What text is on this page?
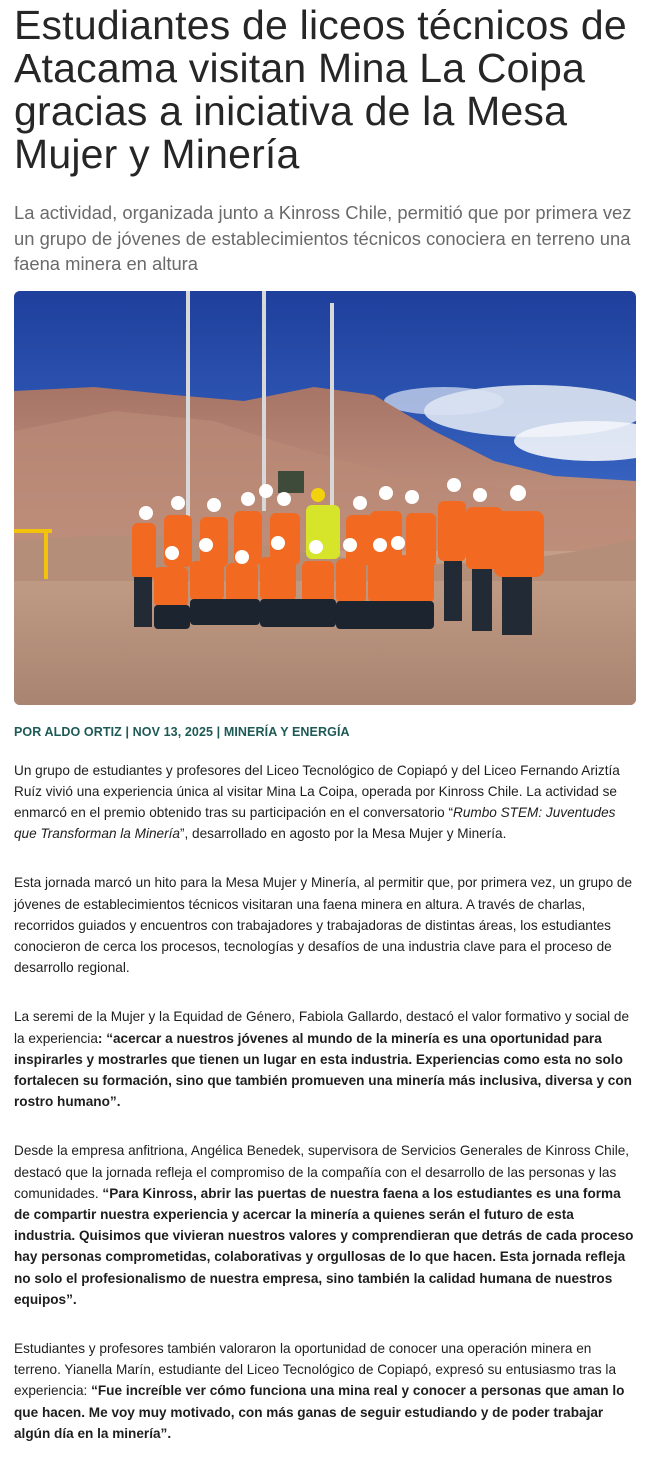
Estudiantes de liceos técnicos de Atacama visitan Mina La Coipa gracias a iniciativa de la Mesa Mujer y Minería

La actividad, organizada junto a Kinross Chile, permitió que por primera vez un grupo de jóvenes de establecimientos técnicos conociera en terreno una faena minera en altura

POR ALDO ORTIZ | NOV 13, 2025 | MINERÍA Y ENERGÍA

Un grupo de estudiantes y profesores del Liceo Tecnológico de Copiapó y del Liceo Fernando Ariztía Ruíz vivió una experiencia única al visitar Mina La Coipa, operada por Kinross Chile. La actividad se enmarcó en el premio obtenido tras su participación en el conversatorio “Rumbo STEM: Juventudes que Transforman la Minería”, desarrollado en agosto por la Mesa Mujer y Minería.

Esta jornada marcó un hito para la Mesa Mujer y Minería, al permitir que, por primera vez, un grupo de jóvenes de establecimientos técnicos visitaran una faena minera en altura. A través de charlas, recorridos guiados y encuentros con trabajadores y trabajadoras de distintas áreas, los estudiantes conocieron de cerca los procesos, tecnologías y desafíos de una industria clave para el proceso de desarrollo regional.

La seremi de la Mujer y la Equidad de Género, Fabiola Gallardo, destacó el valor formativo y social de la experiencia: “acercar a nuestros jóvenes al mundo de la minería es una oportunidad para inspirarles y mostrarles que tienen un lugar en esta industria. Experiencias como esta no solo fortalecen su formación, sino que también promueven una minería más inclusiva, diversa y con rostro humano”.

Desde la empresa anfitriona, Angélica Benedek, supervisora de Servicios Generales de Kinross Chile, destacó que la jornada refleja el compromiso de la compañía con el desarrollo de las personas y las comunidades. “Para Kinross, abrir las puertas de nuestra faena a los estudiantes es una forma de compartir nuestra experiencia y acercar la minería a quienes serán el futuro de esta industria. Quisimos que vivieran nuestros valores y comprendieran que detrás de cada proceso hay personas comprometidas, colaborativas y orgullosas de lo que hacen. Esta jornada refleja no solo el profesionalismo de nuestra empresa, sino también la calidad humana de nuestros equipos”.

Estudiantes y profesores también valoraron la oportunidad de conocer una operación minera en terreno. Yianella Marín, estudiante del Liceo Tecnológico de Copiapó, expresó su entusiasmo tras la experiencia: “Fue increíble ver cómo funciona una mina real y conocer a personas que aman lo que hacen. Me voy muy motivado, con más ganas de seguir estudiando y de poder trabajar algún día en la minería”.
